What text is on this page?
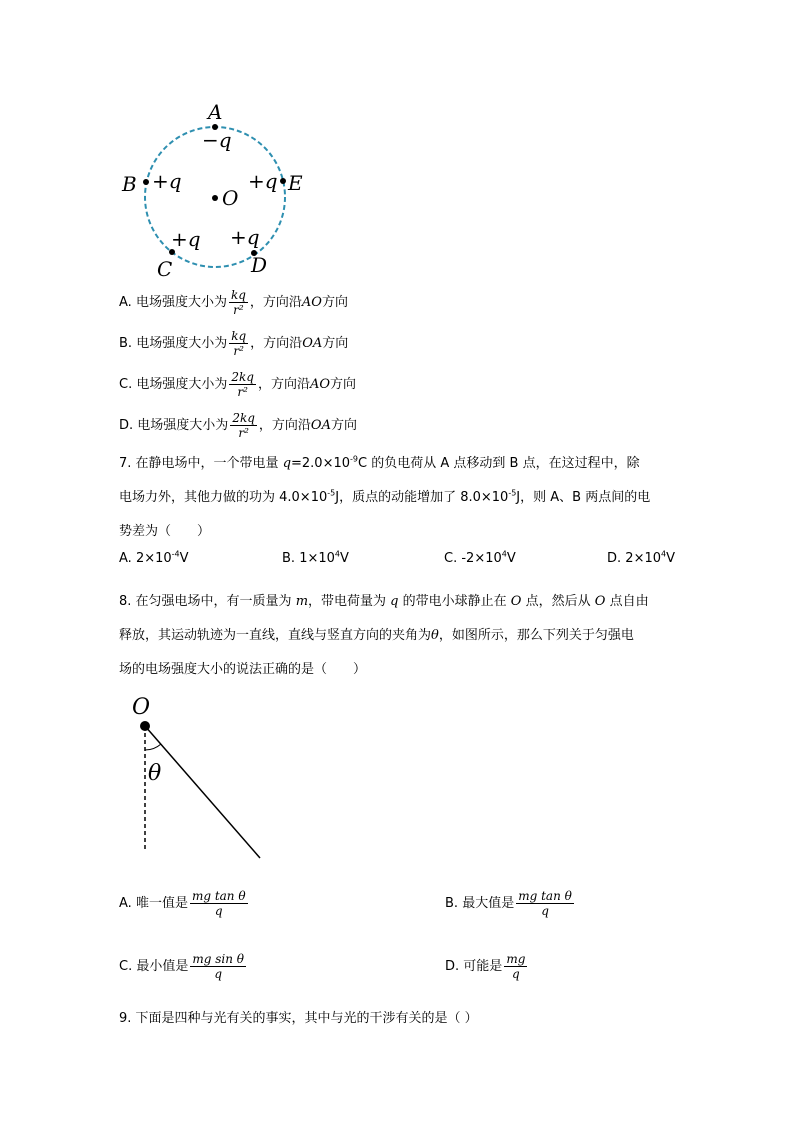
A
−q
B +q	+q E
O
+q +q
C	D
A. 电场强度大小为 $\frac{kq}{\text{r²}}$ ，方向沿AO方向
B. 电场强度大小为 $\frac{kq}{\text{r²}}$ ，方向沿OA方向
C. 电场强度大小为 $\frac{2kq}{\text{r²}}$ ，方向沿AO方向
D. 电场强度大小为 $\frac{2kq}{\text{r²}}$ ，方向沿OA方向
7. 在静电场中，一个带电量 $q=2.0\times 10^{-9}C$ 的负电荷从 A 点移动到 B 点，在这过程中，除
电场力外，其他力做的功为 $4.0\times 10^{-5}J$，质点的动能增加了 $8.0\times 10^{-5}J$，则 A、B 两点间的电
势差为（　　）
A. $2\times 10^{-4}V$	B. $1\times 10^4V$	C. $-2\times 10^4V$	D. $2\times 10^4V$
8. 在匀强电场中，有一质量为 m，带电荷量为 q 的带电小球静止在 O 点，然后从 O 点自由
释放，其运动轨迹为一直线，直线与竖直方向的夹角为θ，如图所示，那么下列关于匀强电
场的电场强度大小的说法正确的是（　　）
O
θ
A. 唯一值是 $\frac{\text{mg tan θ}}{q}$	B. 最大值是 $\frac{\text{mg tan θ}}{q}$
C. 最小值是 $\frac{\text{mg sin θ}}{q}$	D. 可能是 $\frac{mg}{q}$
9. 下面是四种与光有关的事实，其中与光的干涉有关的是（ ）
